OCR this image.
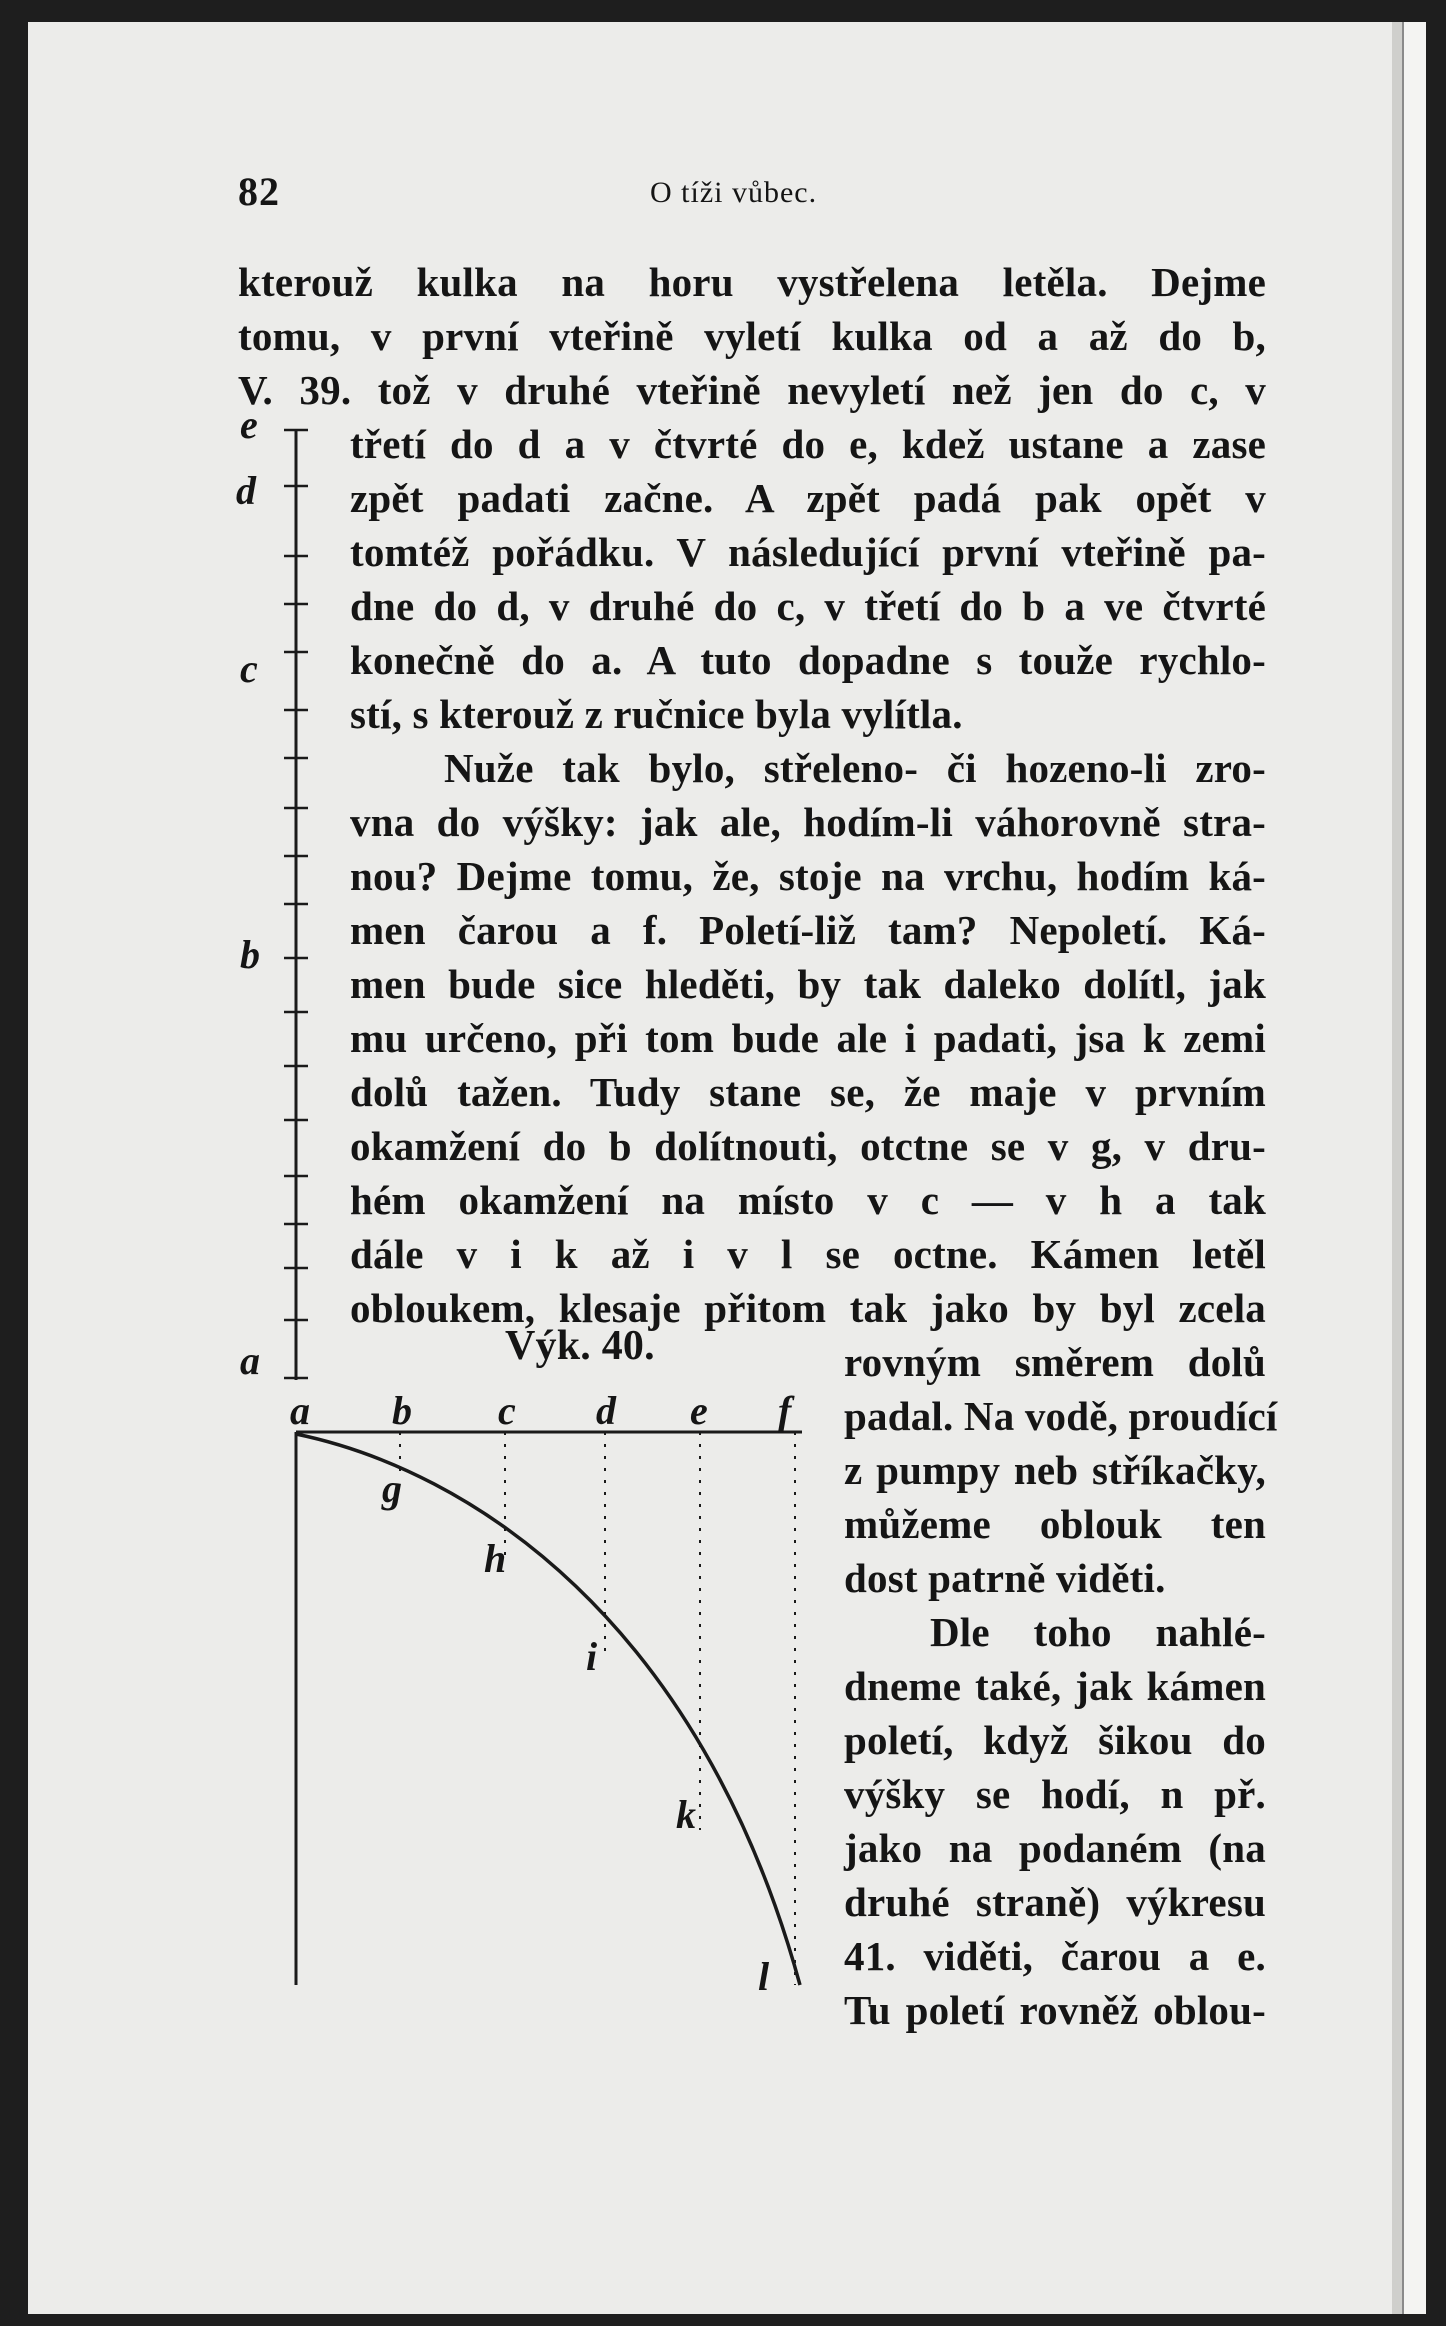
82	O tíži vůbec.
kterouž kulka na horu vystřelena letěla. Dejme
tomu, v první vteřině vyletí kulka od a až do b,
V. 39. tož v druhé vteřině nevyletí než jen do c, v
třetí do d a v čtvrté do e, kdež ustane a zase
zpět padati začne. A zpět padá pak opět v
tomtéž pořádku. V následující první vteřině pa-
dne do d, v druhé do c, v třetí do b a ve čtvrté
konečně do a. A tuto dopadne s touže rychlo-
stí, s kterouž z ručnice byla vylítla.
Nuže tak bylo, střeleno- či hozeno-li zro-
vna do výšky: jak ale, hodím-li váhorovně stra-
nou? Dejme tomu, že, stoje na vrchu, hodím ká-
men čarou a f. Poletí-liž tam? Nepoletí. Ká-
men bude sice hleděti, by tak daleko dolítl, jak
mu určeno, při tom bude ale i padati, jsa k zemi
dolů tažen. Tudy stane se, že maje v prvním
okamžení do b dolítnouti, otctne se v g, v dru-
hém okamžení na místo v c — v h a tak
dále v i k až i v l se octne. Kámen letěl
obloukem, klesaje přitom tak jako by byl zcela
rovným směrem dolů
padal. Na vodě, proudící
z pumpy neb stříkačky,
můžeme oblouk ten
dost patrně viděti.
Dle toho nahlé-
dneme také, jak kámen
poletí, když šikou do
výšky se hodí, n př.
jako na podaném (na
druhé straně) výkresu
41. viděti, čarou a e.
Tu poletí rovněž oblou-
Výk. 40.
e
d
c
b
a
a b c d e f
g
h
i
k
l
